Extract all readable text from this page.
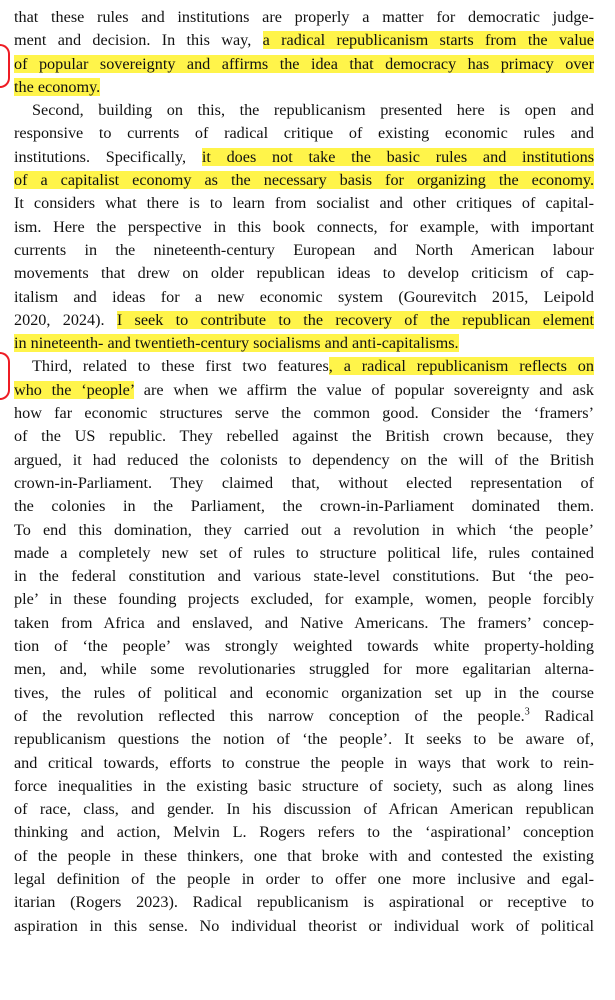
that these rules and institutions are properly a matter for democratic judge-
ment and decision. In this way, a radical republicanism starts from the value
of popular sovereignty and affirms the idea that democracy has primacy over
the economy.
Second, building on this, the republicanism presented here is open and
responsive to currents of radical critique of existing economic rules and
institutions. Specifically, it does not take the basic rules and institutions
of a capitalist economy as the necessary basis for organizing the economy.
It considers what there is to learn from socialist and other critiques of capital-
ism. Here the perspective in this book connects, for example, with important
currents in the nineteenth-century European and North American labour
movements that drew on older republican ideas to develop criticism of cap-
italism and ideas for a new economic system (Gourevitch 2015, Leipold
2020, 2024). I seek to contribute to the recovery of the republican element
in nineteenth- and twentieth-century socialisms and anti-capitalisms.
Third, related to these first two features, a radical republicanism reflects on
who the ‘people’ are when we affirm the value of popular sovereignty and ask
how far economic structures serve the common good. Consider the ‘framers’
of the US republic. They rebelled against the British crown because, they
argued, it had reduced the colonists to dependency on the will of the British
crown-in-Parliament. They claimed that, without elected representation of
the colonies in the Parliament, the crown-in-Parliament dominated them.
To end this domination, they carried out a revolution in which ‘the people’
made a completely new set of rules to structure political life, rules contained
in the federal constitution and various state-level constitutions. But ‘the peo-
ple’ in these founding projects excluded, for example, women, people forcibly
taken from Africa and enslaved, and Native Americans. The framers’ concep-
tion of ‘the people’ was strongly weighted towards white property-holding
men, and, while some revolutionaries struggled for more egalitarian alterna-
tives, the rules of political and economic organization set up in the course
of the revolution reflected this narrow conception of the people.$^3$ Radical
republicanism questions the notion of ‘the people’. It seeks to be aware of,
and critical towards, efforts to construe the people in ways that work to rein-
force inequalities in the existing basic structure of society, such as along lines
of race, class, and gender. In his discussion of African American republican
thinking and action, Melvin L. Rogers refers to the ‘aspirational’ conception
of the people in these thinkers, one that broke with and contested the existing
legal definition of the people in order to offer one more inclusive and egal-
itarian (Rogers 2023). Radical republicanism is aspirational or receptive to
aspiration in this sense. No individual theorist or individual work of political
